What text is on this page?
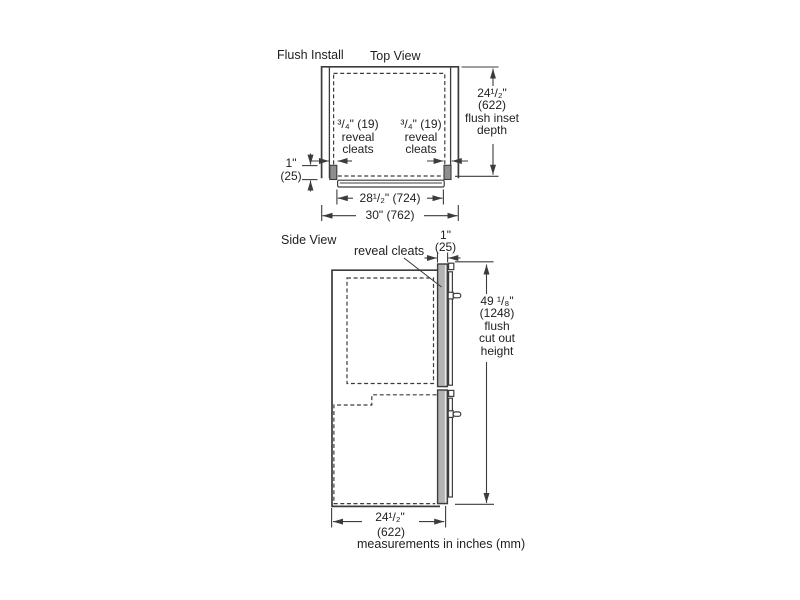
Flush Install Top View
³/₄" (19)
reveal
cleats
³/₄" (19)
reveal
cleats
1"
(25)
28¹/₂" (724)
30" (762)
24¹/₂"
(622)
flush inset
depth
Side View
reveal cleats
1"
(25)
49 ¹/₈"
(1248)
flush
cut out
height
24¹/₂"
(622)
measurements in inches (mm)
